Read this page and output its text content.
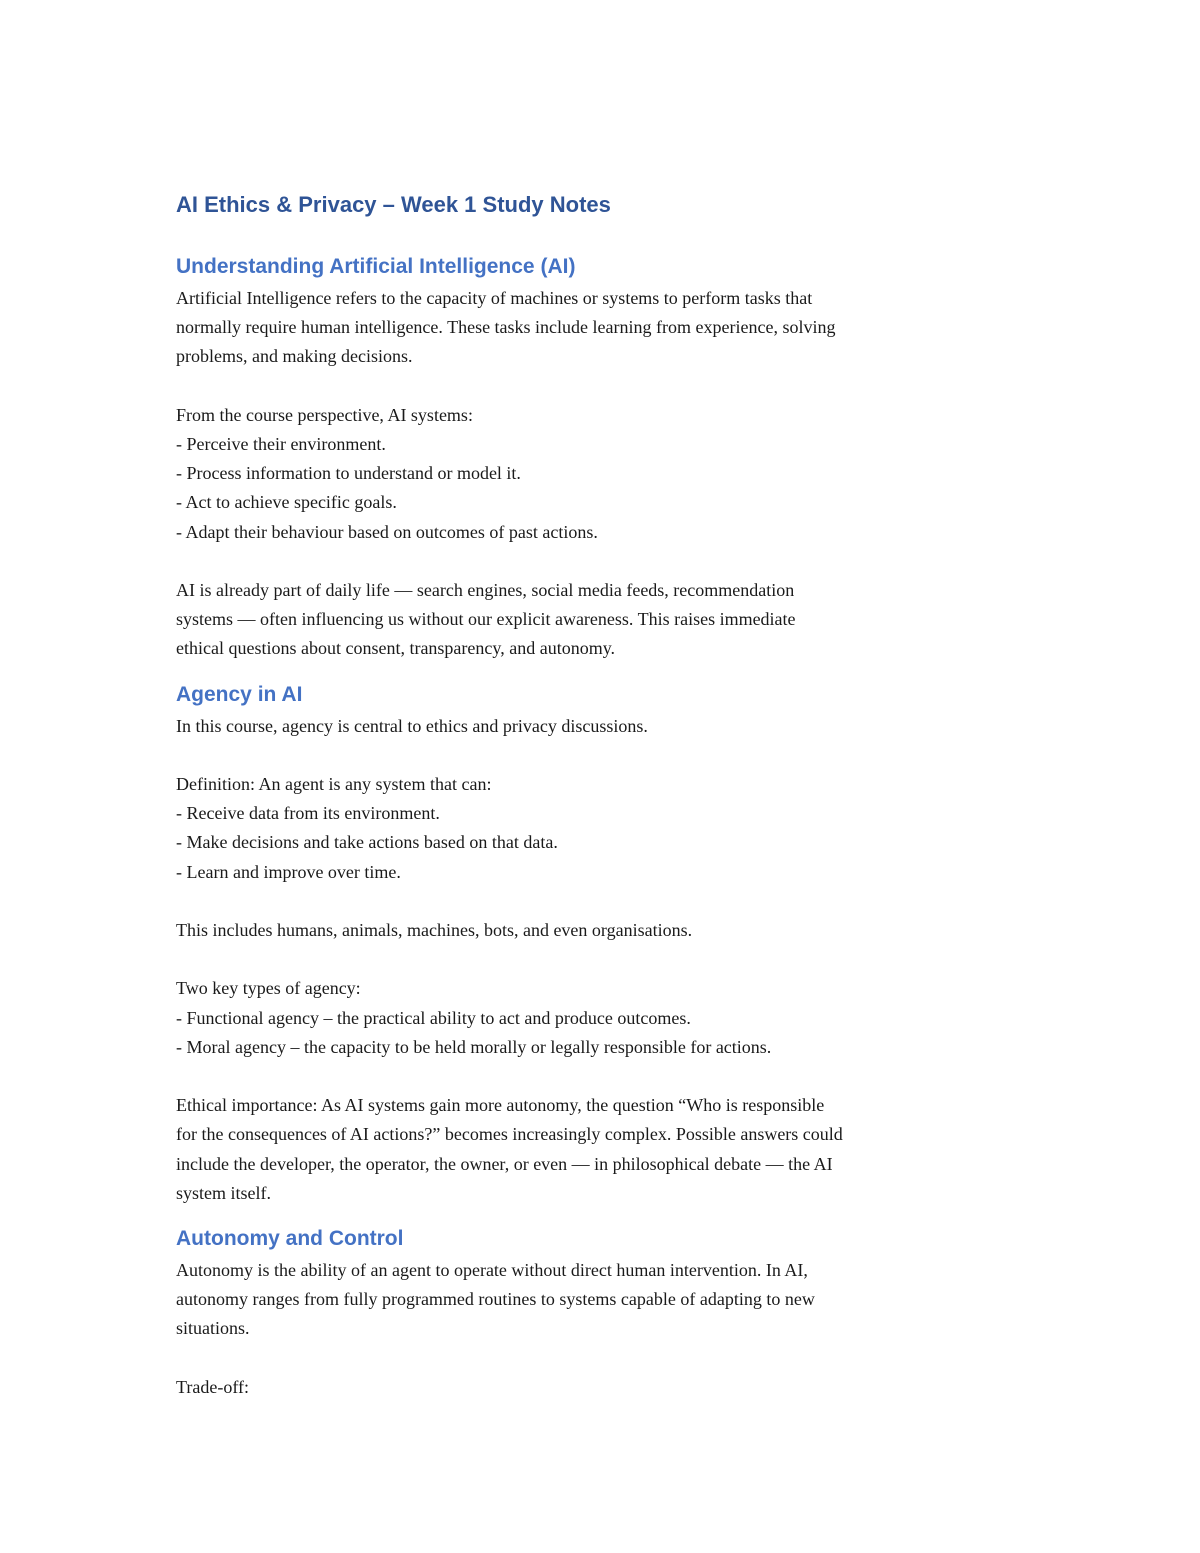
AI Ethics & Privacy – Week 1 Study Notes
Understanding Artificial Intelligence (AI)

Artificial Intelligence refers to the capacity of machines or systems to perform tasks that
normally require human intelligence. These tasks include learning from experience, solving
problems, and making decisions.

From the course perspective, AI systems:
- Perceive their environment.
- Process information to understand or model it.
- Act to achieve specific goals.
- Adapt their behaviour based on outcomes of past actions.

AI is already part of daily life — search engines, social media feeds, recommendation
systems — often influencing us without our explicit awareness. This raises immediate
ethical questions about consent, transparency, and autonomy.

Agency in AI

In this course, agency is central to ethics and privacy discussions.

Definition: An agent is any system that can:
- Receive data from its environment.
- Make decisions and take actions based on that data.
- Learn and improve over time.

This includes humans, animals, machines, bots, and even organisations.

Two key types of agency:
- Functional agency – the practical ability to act and produce outcomes.
- Moral agency – the capacity to be held morally or legally responsible for actions.

Ethical importance: As AI systems gain more autonomy, the question “Who is responsible
for the consequences of AI actions?” becomes increasingly complex. Possible answers could
include the developer, the operator, the owner, or even — in philosophical debate — the AI
system itself.

Autonomy and Control

Autonomy is the ability of an agent to operate without direct human intervention. In AI,
autonomy ranges from fully programmed routines to systems capable of adapting to new
situations.

Trade-off:
